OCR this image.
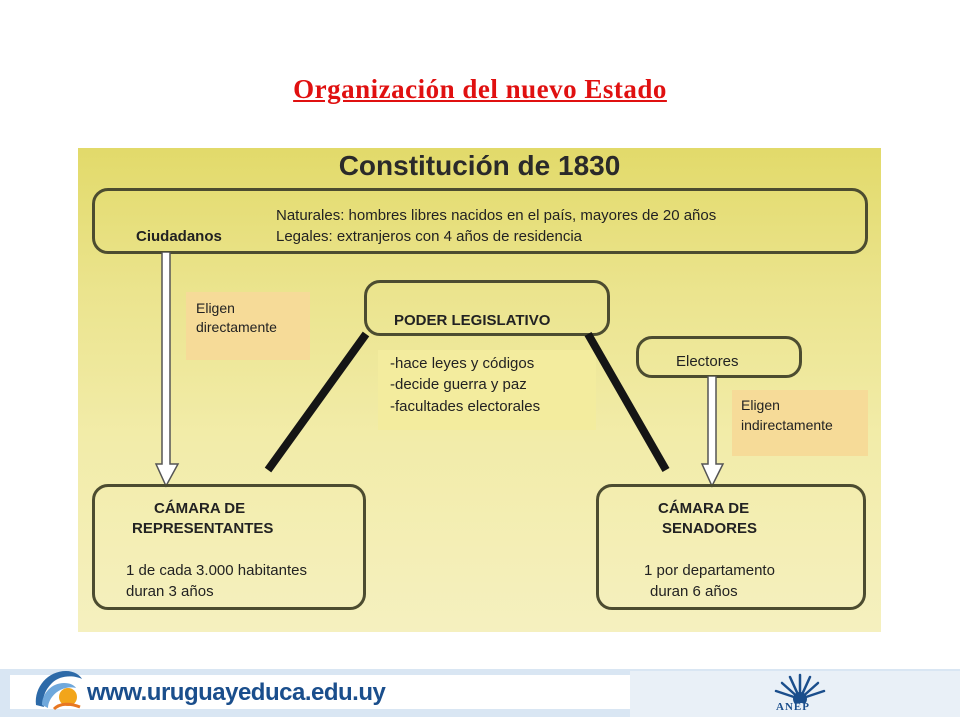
Organización del nuevo Estado
Constitución de 1830
Ciudadanos
Naturales: hombres libres nacidos en el país, mayores de 20 años
Legales: extranjeros con 4 años de residencia
Eligen
directamente	PODER LEGISLATIVO
-hace leyes y códigos
-decide guerra y paz
-facultades electorales
Electores
Eligen
indirectamente
CÁMARA DE
REPRESENTANTES
1 de cada 3.000 habitantes
duran 3 años
CÁMARA DE
SENADORES
1 por departamento
duran 6 años
www.uruguayeduca.edu.uy
ANEP
